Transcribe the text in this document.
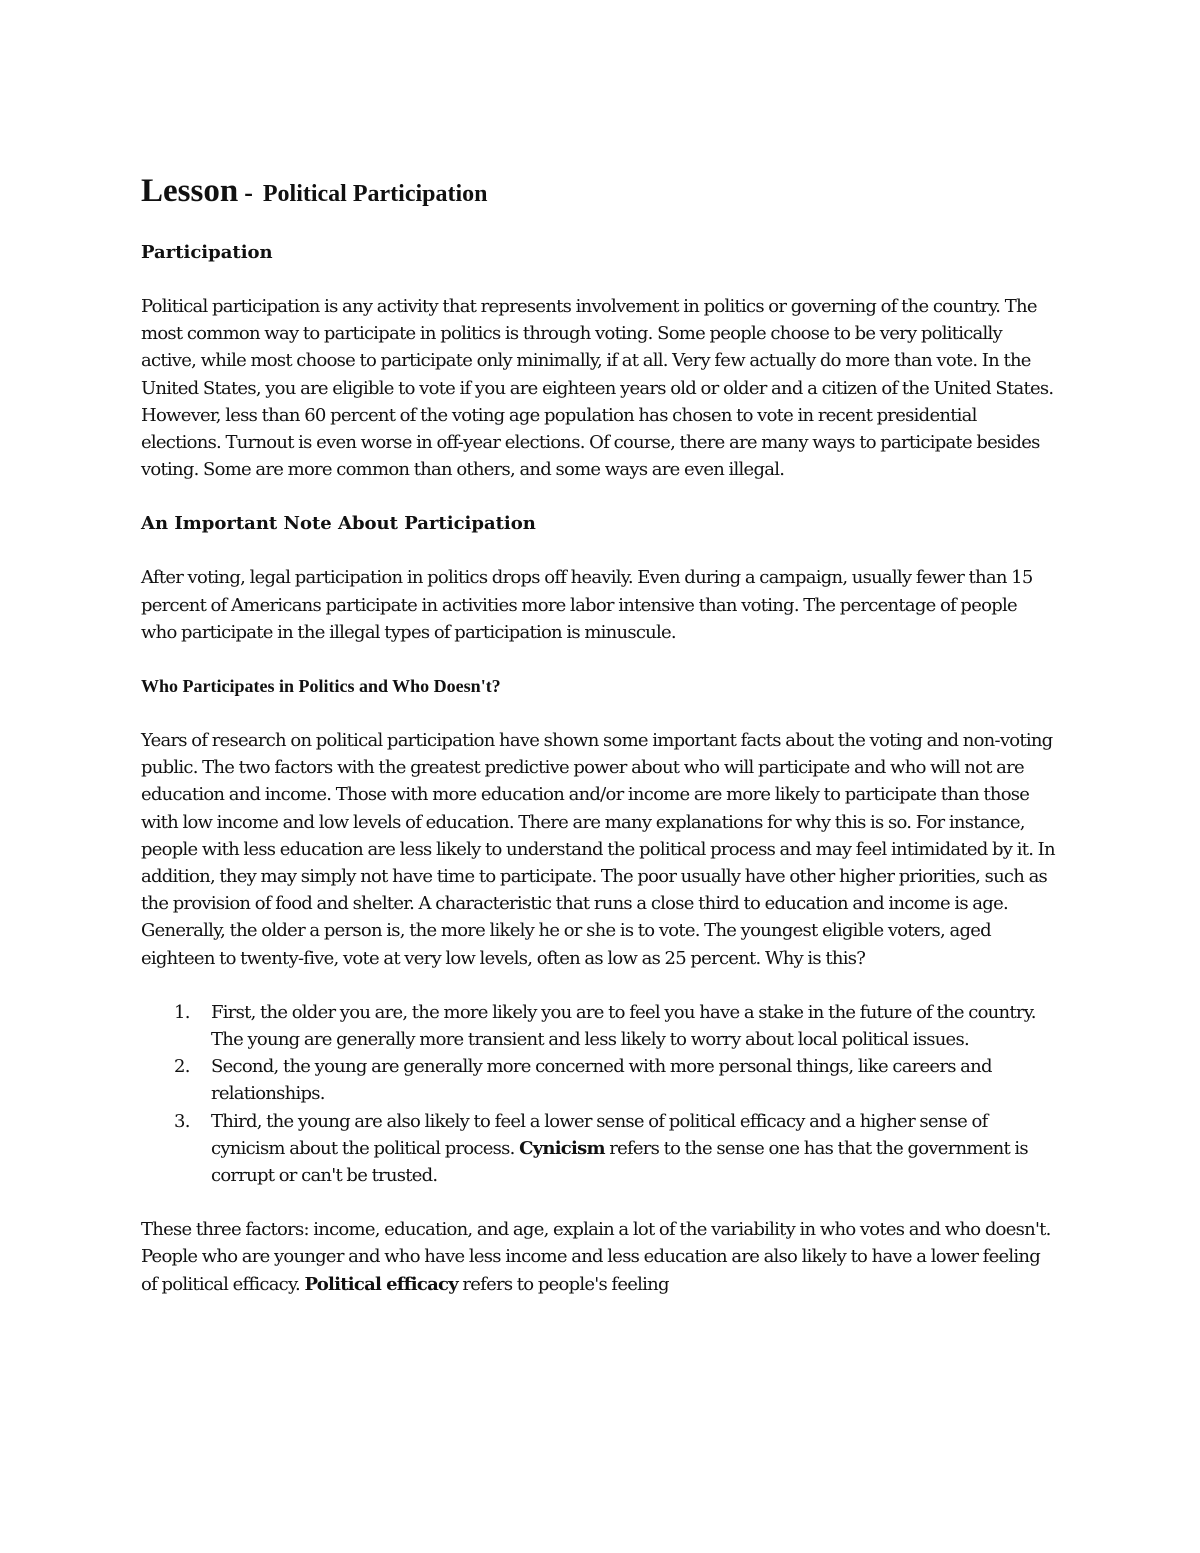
Lesson - Political Participation
Participation

Political participation is any activity that represents involvement in politics or governing of the country. The most common way to participate in politics is through voting. Some people choose to be very politically active, while most choose to participate only minimally, if at all. Very few actually do more than vote. In the United States, you are eligible to vote if you are eighteen years old or older and a citizen of the United States. However, less than 60 percent of the voting age population has chosen to vote in recent presidential elections. Turnout is even worse in off-year elections. Of course, there are many ways to participate besides voting. Some are more common than others, and some ways are even illegal.

An Important Note About Participation

After voting, legal participation in politics drops off heavily. Even during a campaign, usually fewer than 15 percent of Americans participate in activities more labor intensive than voting. The percentage of people who participate in the illegal types of participation is minuscule.

Who Participates in Politics and Who Doesn't?

Years of research on political participation have shown some important facts about the voting and non-voting public. The two factors with the greatest predictive power about who will participate and who will not are education and income. Those with more education and/or income are more likely to participate than those with low income and low levels of education. There are many explanations for why this is so. For instance, people with less education are less likely to understand the political process and may feel intimidated by it. In addition, they may simply not have time to participate. The poor usually have other higher priorities, such as the provision of food and shelter. A characteristic that runs a close third to education and income is age. Generally, the older a person is, the more likely he or she is to vote. The youngest eligible voters, aged eighteen to twenty-five, vote at very low levels, often as low as 25 percent. Why is this?

1. First, the older you are, the more likely you are to feel you have a stake in the future of the country. The young are generally more transient and less likely to worry about local political issues.
2. Second, the young are generally more concerned with more personal things, like careers and relationships.
3. Third, the young are also likely to feel a lower sense of political efficacy and a higher sense of cynicism about the political process. Cynicism refers to the sense one has that the government is corrupt or can't be trusted.

These three factors: income, education, and age, explain a lot of the variability in who votes and who doesn't. People who are younger and who have less income and less education are also likely to have a lower feeling of political efficacy. Political efficacy refers to people's feeling
